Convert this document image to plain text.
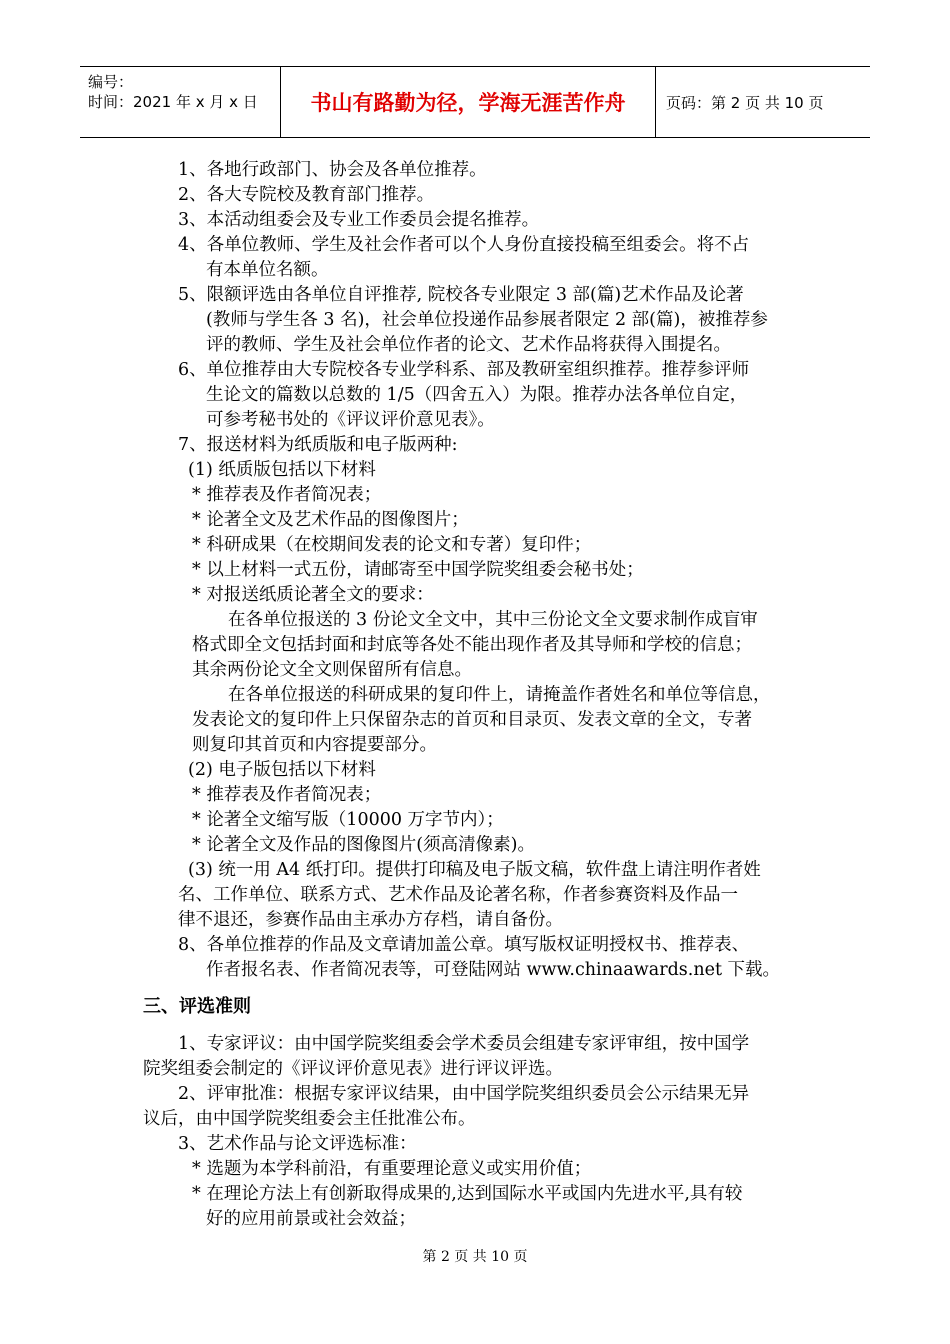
编号：
时间：2021 年 x 月 x 日	书山有路勤为径，学海无涯苦作舟	页码：第 2 页 共 10 页
1、各地行政部门、协会及各单位推荐。
2、各大专院校及教育部门推荐。
3、本活动组委会及专业工作委员会提名推荐。
4、各单位教师、学生及社会作者可以个人身份直接投稿至组委会。将不占
有本单位名额。
5、限额评选由各单位自评推荐, 院校各专业限定 3 部(篇)艺术作品及论著
(教师与学生各 3 名)，社会单位投递作品参展者限定 2 部(篇)，被推荐参
评的教师、学生及社会单位作者的论文、艺术作品将获得入围提名。
6、单位推荐由大专院校各专业学科系、部及教研室组织推荐。推荐参评师
生论文的篇数以总数的 1/5（四舍五入）为限。推荐办法各单位自定，
可参考秘书处的《评议评价意见表》。
7、报送材料为纸质版和电子版两种:
(1) 纸质版包括以下材料
* 推荐表及作者简况表；
* 论著全文及艺术作品的图像图片；
* 科研成果（在校期间发表的论文和专著）复印件；
* 以上材料一式五份，请邮寄至中国学院奖组委会秘书处；
* 对报送纸质论著全文的要求：
在各单位报送的 3 份论文全文中，其中三份论文全文要求制作成盲审
格式即全文包括封面和封底等各处不能出现作者及其导师和学校的信息；
其余两份论文全文则保留所有信息。
在各单位报送的科研成果的复印件上，请掩盖作者姓名和单位等信息，
发表论文的复印件上只保留杂志的首页和目录页、发表文章的全文，专著
则复印其首页和内容提要部分。
(2) 电子版包括以下材料
* 推荐表及作者简况表；
* 论著全文缩写版（10000 万字节内）；
* 论著全文及作品的图像图片(须高清像素)。
(3) 统一用 A4 纸打印。提供打印稿及电子版文稿，软件盘上请注明作者姓
名、工作单位、联系方式、艺术作品及论著名称，作者参赛资料及作品一
律不退还，参赛作品由主承办方存档，请自备份。
8、各单位推荐的作品及文章请加盖公章。填写版权证明授权书、推荐表、
作者报名表、作者简况表等，可登陆网站 www.chinaawards.net 下载。
三、评选准则
1、专家评议：由中国学院奖组委会学术委员会组建专家评审组，按中国学
院奖组委会制定的《评议评价意见表》进行评议评选。
2、评审批准：根据专家评议结果，由中国学院奖组织委员会公示结果无异
议后，由中国学院奖组委会主任批准公布。
3、艺术作品与论文评选标准：
* 选题为本学科前沿，有重要理论意义或实用价值；
* 在理论方法上有创新取得成果的,达到国际水平或国内先进水平,具有较
好的应用前景或社会效益；
第 2 页 共 10 页
